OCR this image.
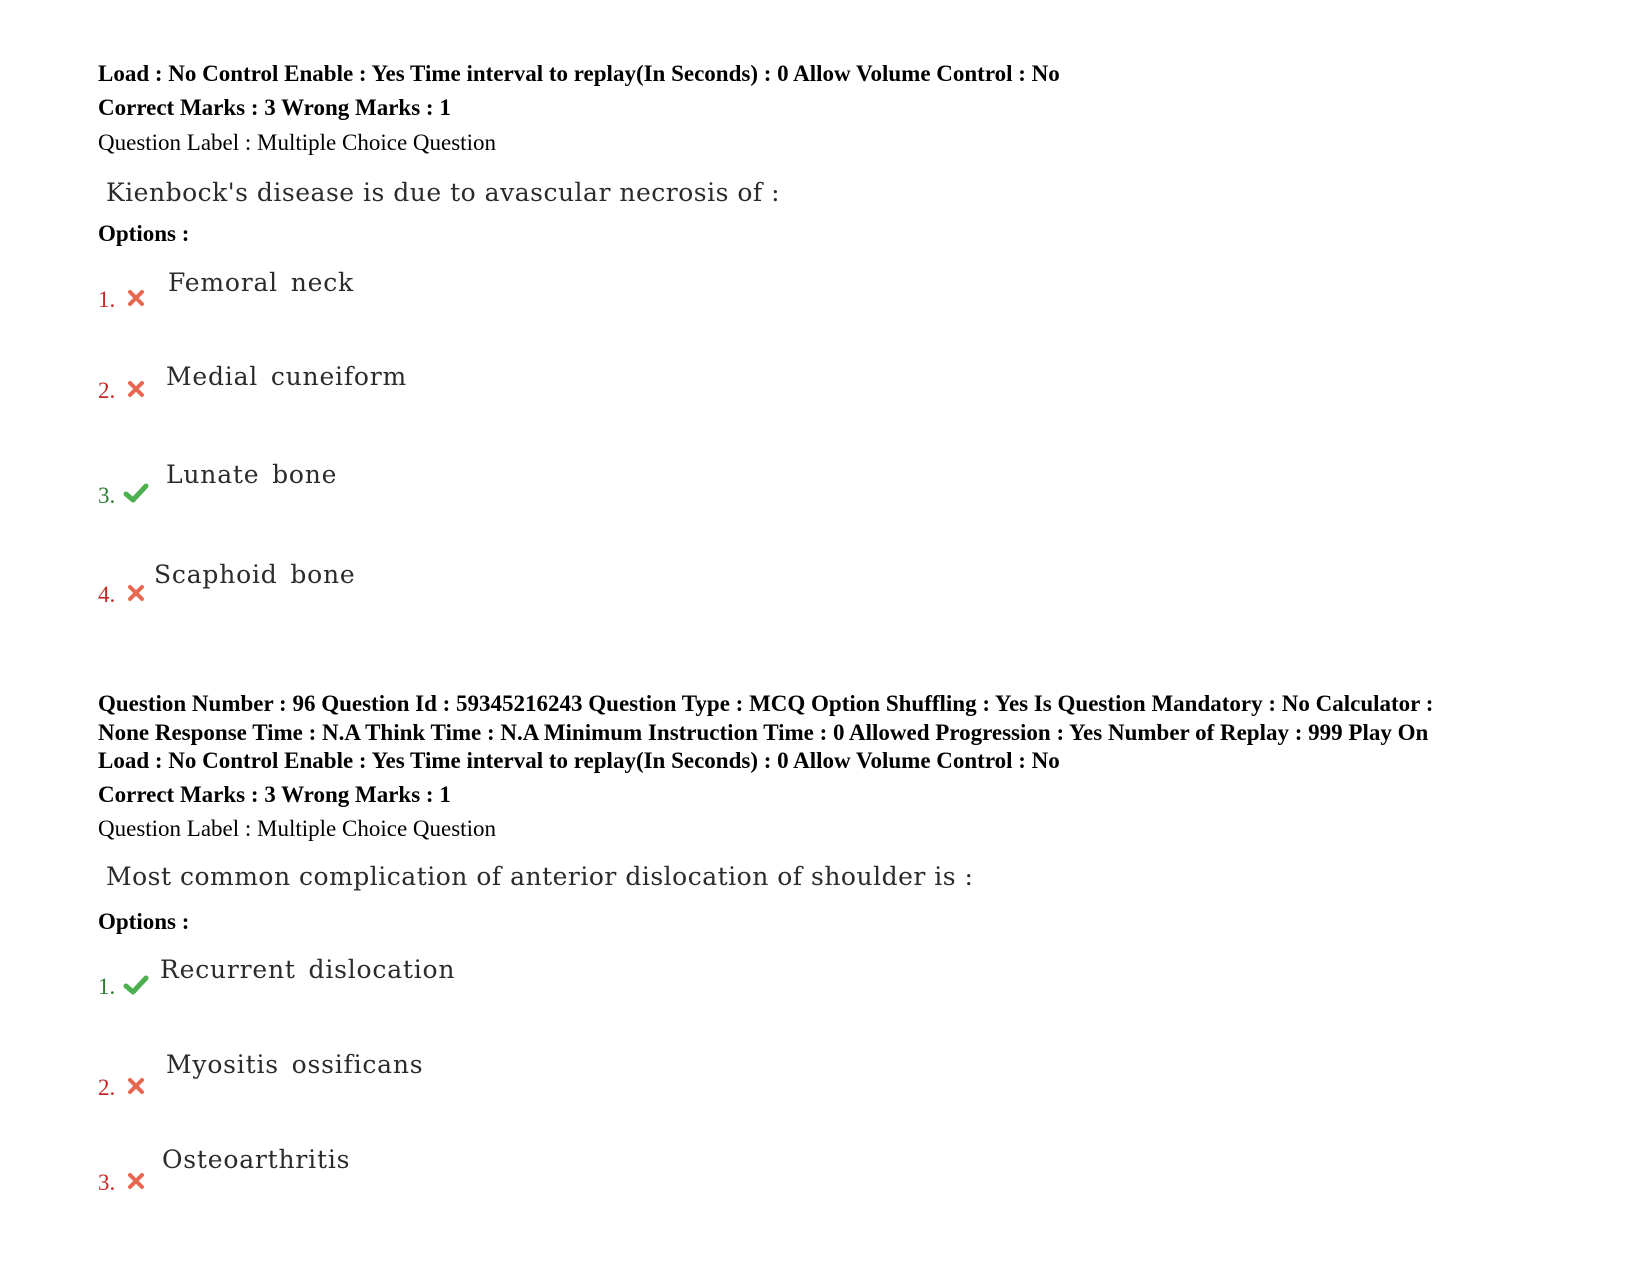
Load : No Control Enable : Yes Time interval to replay(In Seconds) : 0 Allow Volume Control : No
Correct Marks : 3 Wrong Marks : 1
Question Label : Multiple Choice Question
Kienbock's disease is due to avascular necrosis of :
Options :
1.
Femoral neck
2. Medial cuneiform
3.
Lunate bone
4.
Scaphoid bone
Question Number : 96 Question Id : 59345216243 Question Type : MCQ Option Shuffling : Yes Is Question Mandatory : No Calculator :
None Response Time : N.A Think Time : N.A Minimum Instruction Time : 0 Allowed Progression : Yes Number of Replay : 999 Play On
Load : No Control Enable : Yes Time interval to replay(In Seconds) : 0 Allow Volume Control : No
Correct Marks : 3 Wrong Marks : 1
Question Label : Multiple Choice Question
Most common complication of anterior dislocation of shoulder is :
Options :
1.
Recurrent dislocation
2.
Myositis ossificans
3.
Osteoarthritis
